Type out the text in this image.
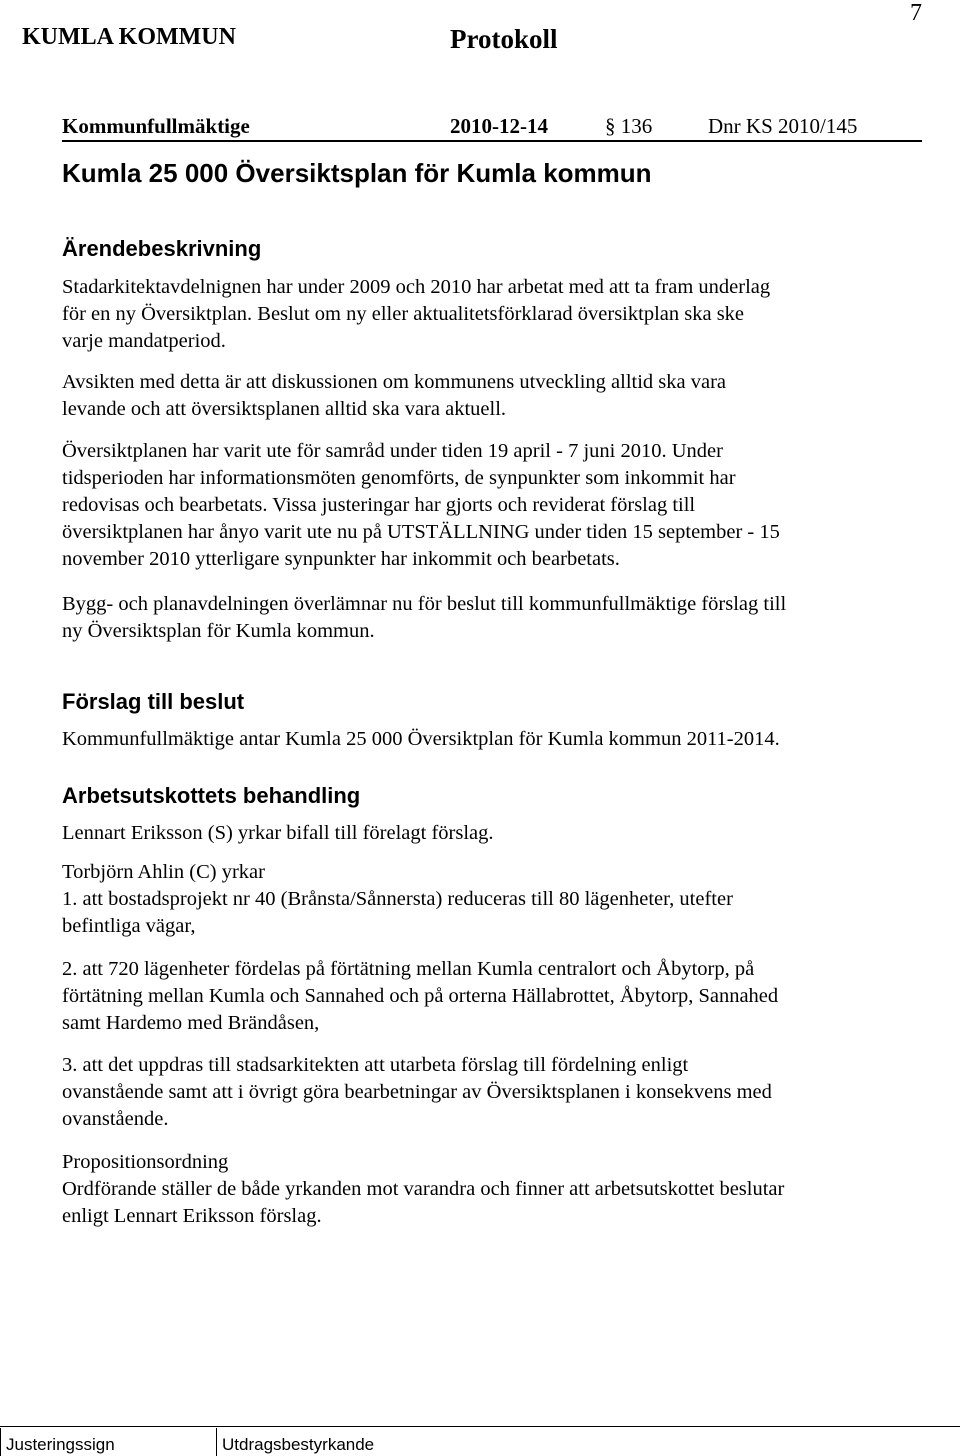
KUMLA KOMMUN	Protokoll
7
Kommunfullmäktige	2010-12-14	§ 136	Dnr KS 2010/145
Kumla 25 000 Översiktsplan för Kumla kommun
Ärendebeskrivning
Stadarkitektavdelnignen har under 2009 och 2010 har arbetat med att ta fram underlag
för en ny Översiktplan. Beslut om ny eller aktualitetsförklarad översiktplan ska ske
varje mandatperiod.
Avsikten med detta är att diskussionen om kommunens utveckling alltid ska vara
levande och att översiktsplanen alltid ska vara aktuell.
Översiktplanen har varit ute för samråd under tiden 19 april - 7 juni 2010. Under
tidsperioden har informationsmöten genomförts, de synpunkter som inkommit har
redovisas och bearbetats. Vissa justeringar har gjorts och reviderat förslag till
översiktplanen har ånyo varit ute nu på UTSTÄLLNING under tiden 15 september - 15
november 2010 ytterligare synpunkter har inkommit och bearbetats.
Bygg- och planavdelningen överlämnar nu för beslut till kommunfullmäktige förslag till
ny Översiktsplan för Kumla kommun.
Förslag till beslut
Kommunfullmäktige antar Kumla 25 000 Översiktplan för Kumla kommun 2011-2014.
Arbetsutskottets behandling
Lennart Eriksson (S) yrkar bifall till förelagt förslag.
Torbjörn Ahlin (C) yrkar
1. att bostadsprojekt nr 40 (Brånsta/Sånnersta) reduceras till 80 lägenheter, utefter
befintliga vägar,
2. att 720 lägenheter fördelas på förtätning mellan Kumla centralort och Åbytorp, på
förtätning mellan Kumla och Sannahed och på orterna Hällabrottet, Åbytorp, Sannahed
samt Hardemo med Brändåsen,
3. att det uppdras till stadsarkitekten att utarbeta förslag till fördelning enligt
ovanstående samt att i övrigt göra bearbetningar av Översiktsplanen i konsekvens med
ovanstående.
Propositionsordning
Ordförande ställer de både yrkanden mot varandra och finner att arbetsutskottet beslutar
enligt Lennart Eriksson förslag.
Justeringssign	Utdragsbestyrkande
